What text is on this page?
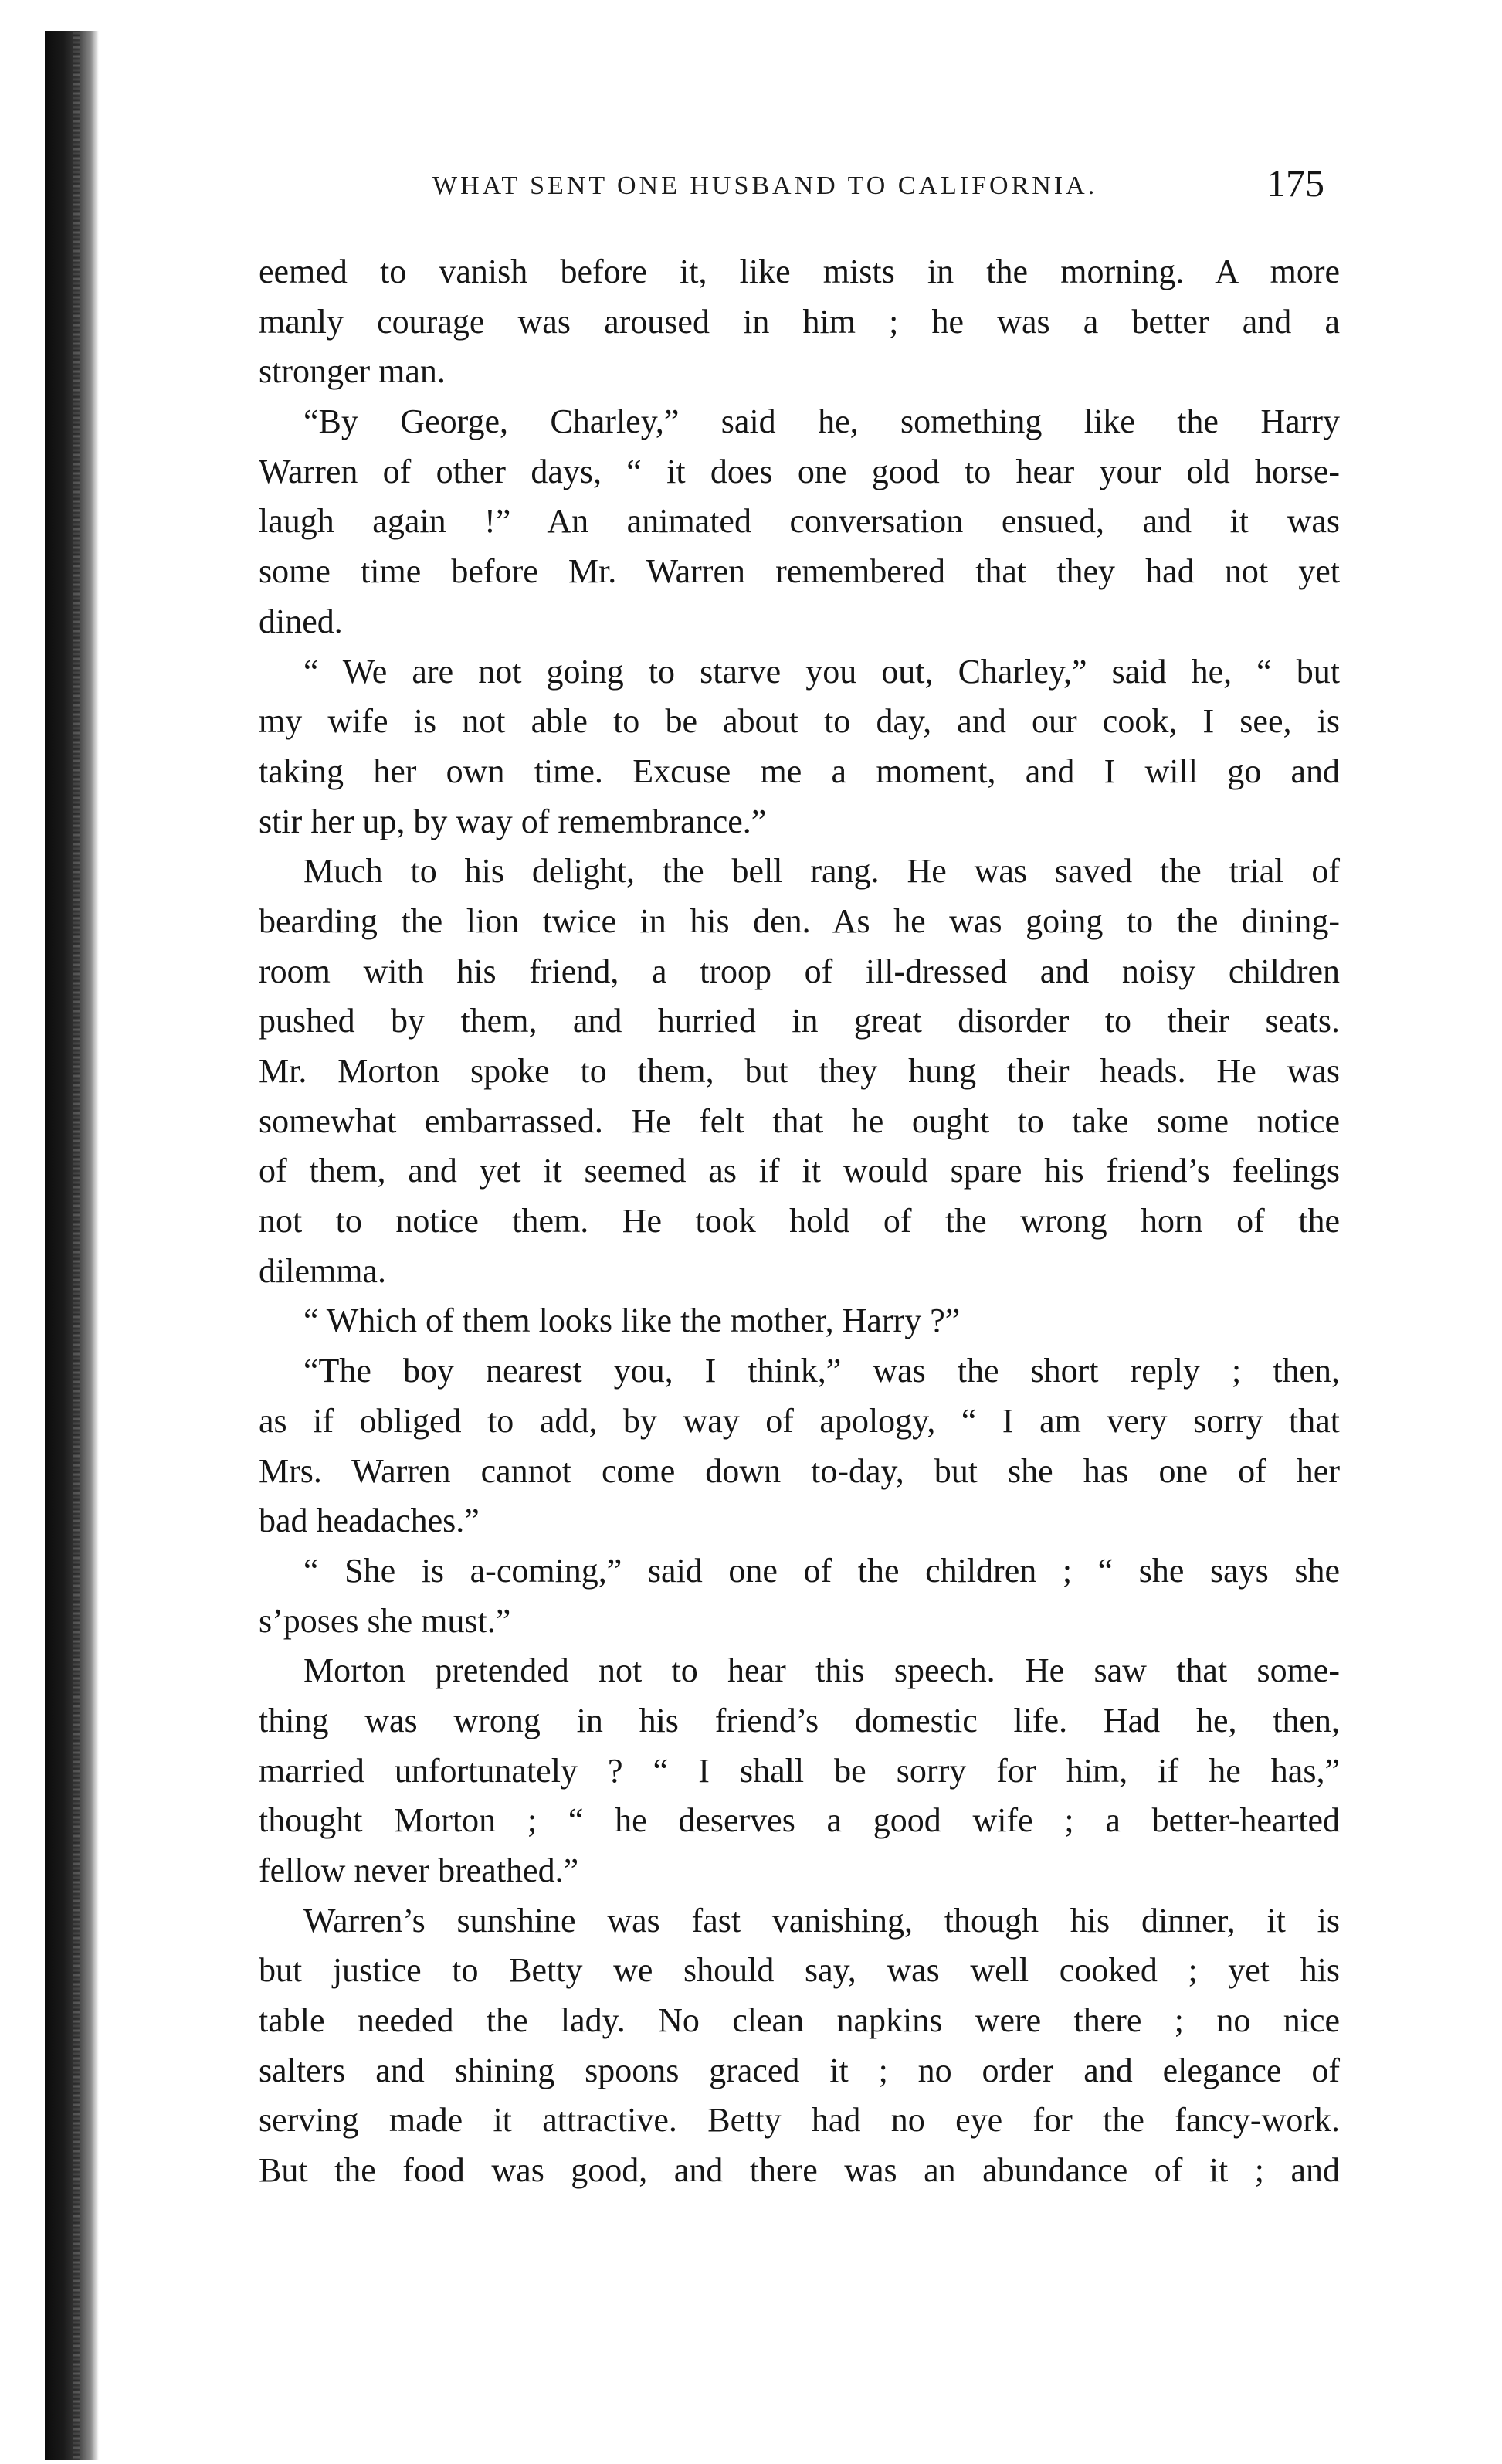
WHAT SENT ONE HUSBAND TO CALIFORNIA.	175
eemed to vanish before it, like mists in the morning. A more
manly courage was aroused in him ; he was a better and a
stronger man.
“By George, Charley,” said he, something like the Harry
Warren of other days, “ it does one good to hear your old horse-
laugh again !” An animated conversation ensued, and it was
some time before Mr. Warren remembered that they had not yet
dined.
“ We are not going to starve you out, Charley,” said he, “ but
my wife is not able to be about to day, and our cook, I see, is
taking her own time. Excuse me a moment, and I will go and
stir her up, by way of remembrance.”
Much to his delight, the bell rang. He was saved the trial of
bearding the lion twice in his den. As he was going to the dining-
room with his friend, a troop of ill-dressed and noisy children
pushed by them, and hurried in great disorder to their seats.
Mr. Morton spoke to them, but they hung their heads. He was
somewhat embarrassed. He felt that he ought to take some notice
of them, and yet it seemed as if it would spare his friend’s feelings
not to notice them. He took hold of the wrong horn of the
dilemma.
“ Which of them looks like the mother, Harry ?”
“The boy nearest you, I think,” was the short reply ; then,
as if obliged to add, by way of apology, “ I am very sorry that
Mrs. Warren cannot come down to-day, but she has one of her
bad headaches.”
“ She is a-coming,” said one of the children ; “ she says she
s’poses she must.”
Morton pretended not to hear this speech. He saw that some-
thing was wrong in his friend’s domestic life. Had he, then,
married unfortunately ? “ I shall be sorry for him, if he has,”
thought Morton ; “ he deserves a good wife ; a better-hearted
fellow never breathed.”
Warren’s sunshine was fast vanishing, though his dinner, it is
but justice to Betty we should say, was well cooked ; yet his
table needed the lady. No clean napkins were there ; no nice
salters and shining spoons graced it ; no order and elegance of
serving made it attractive. Betty had no eye for the fancy-work.
But the food was good, and there was an abundance of it ; and
